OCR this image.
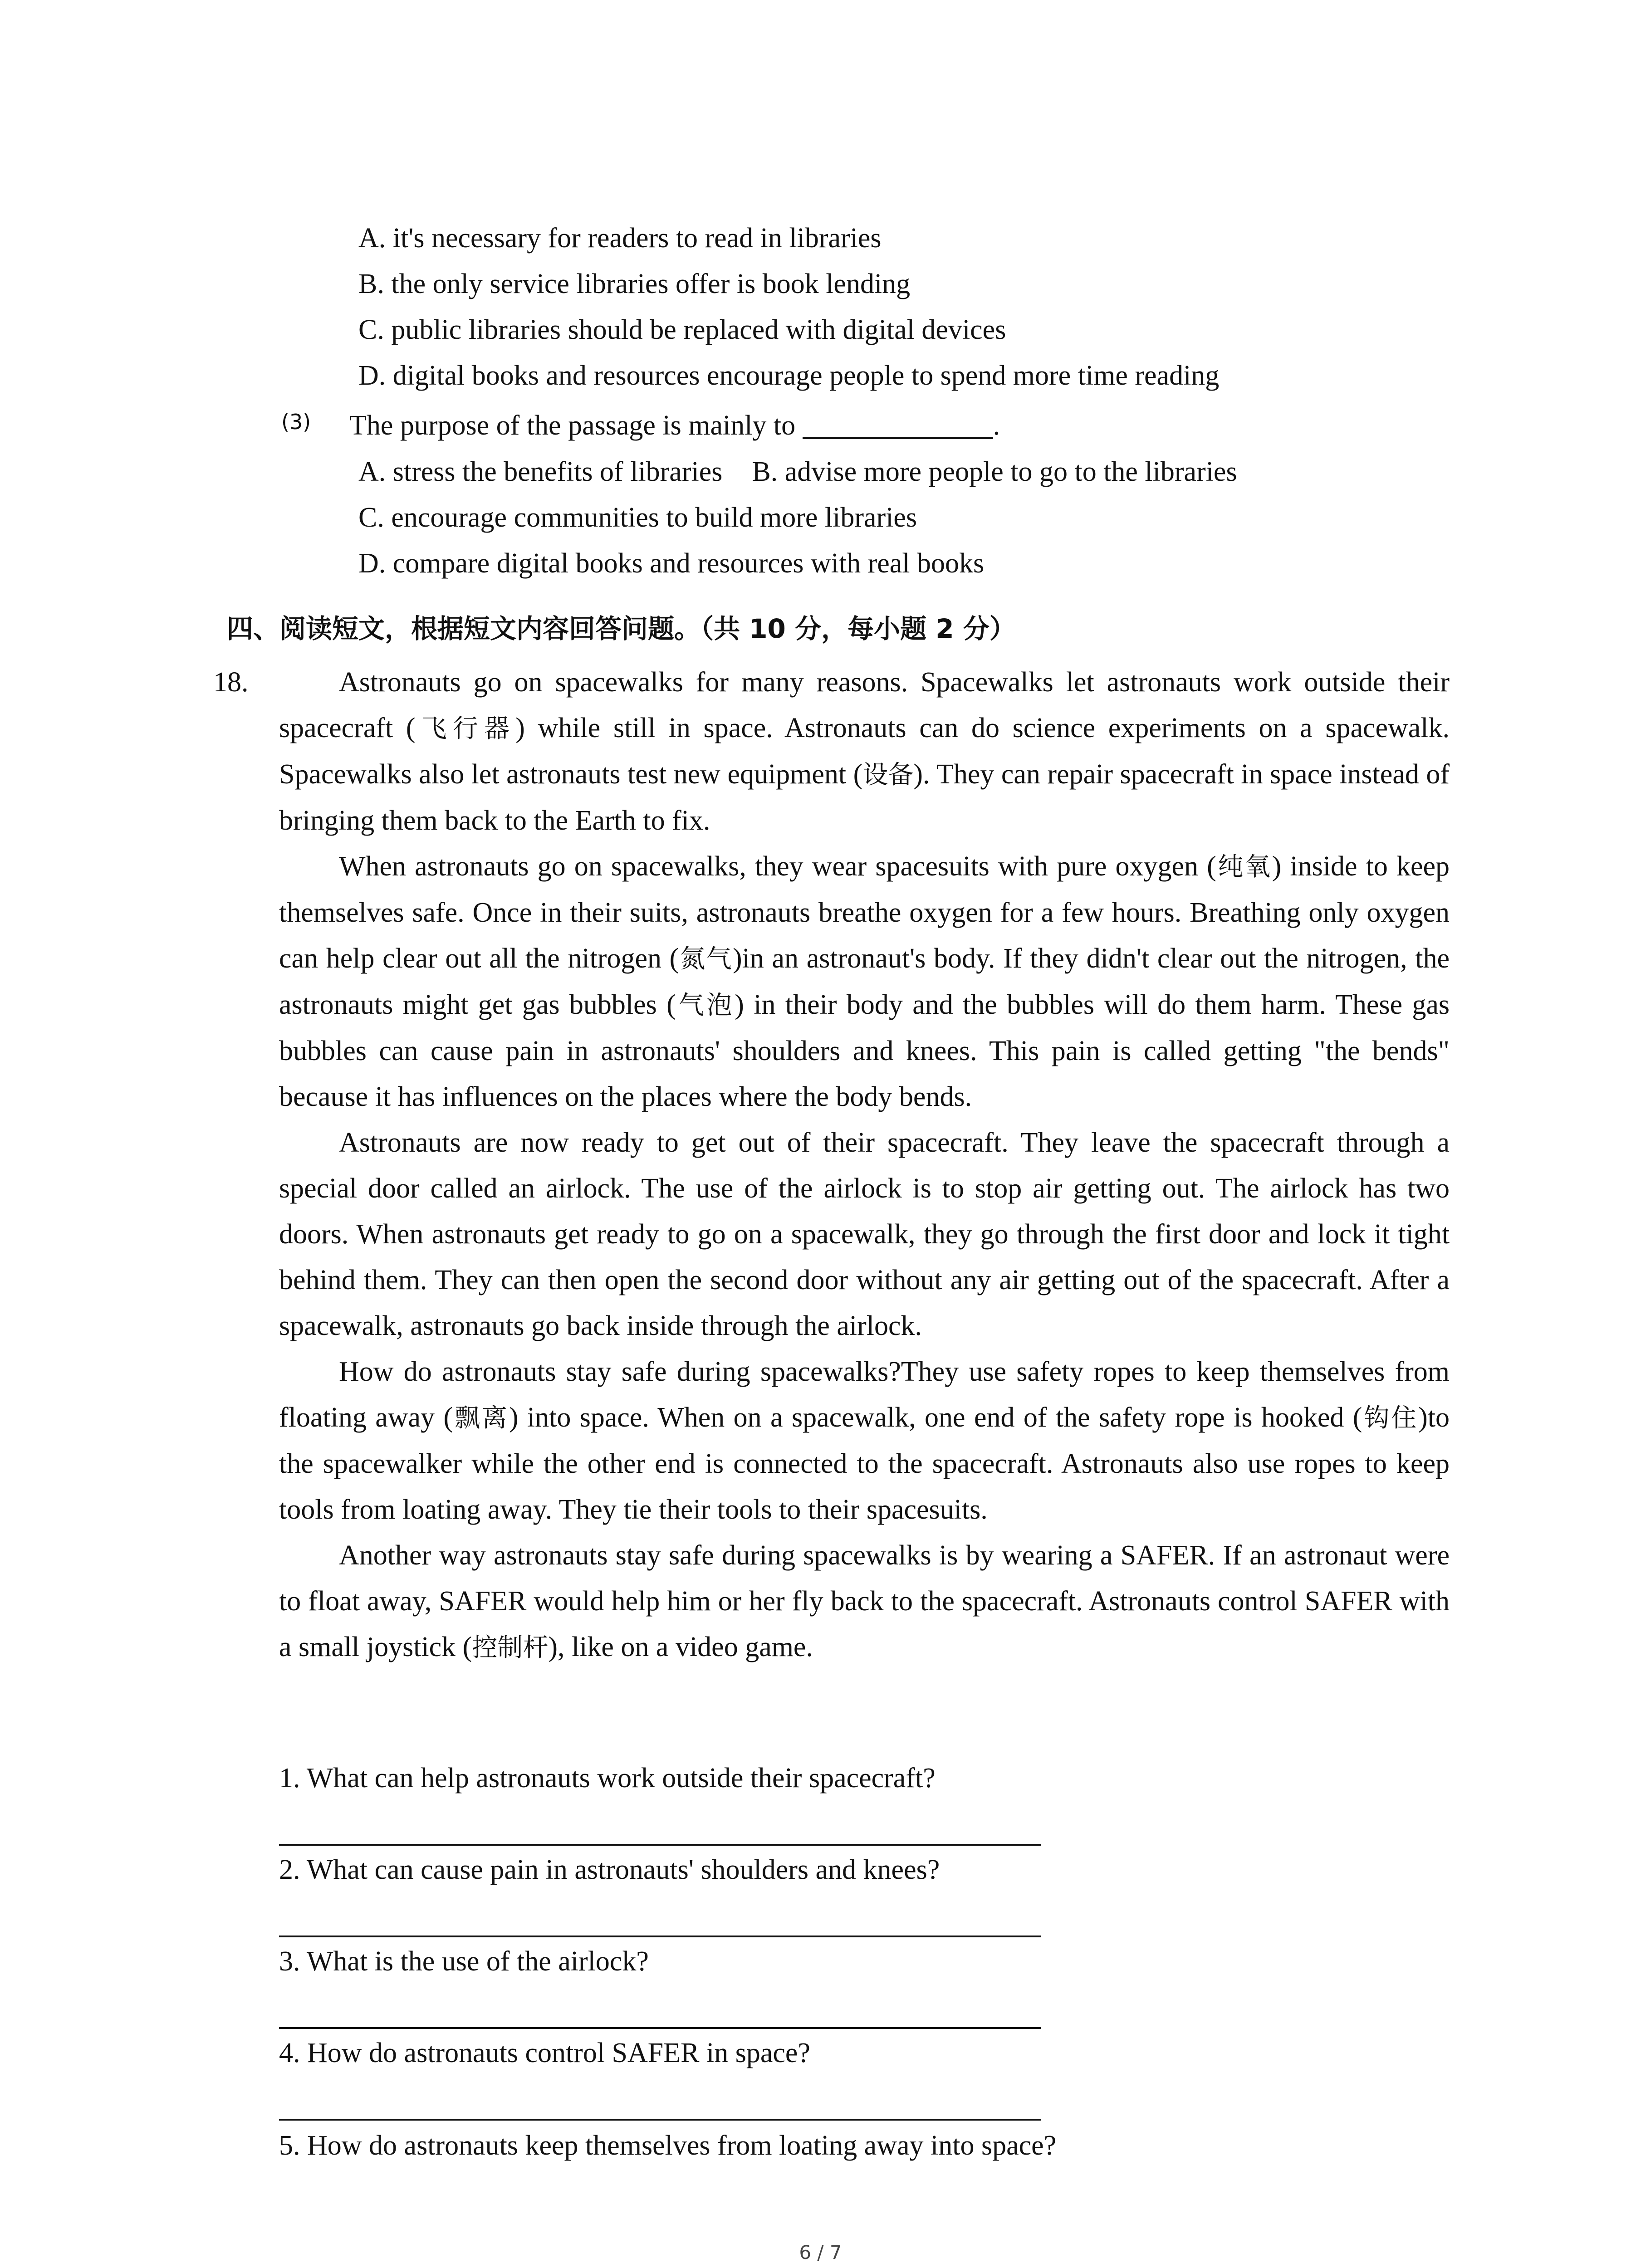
A. it's necessary for readers to read in libraries
B. the only service libraries offer is book lending
C. public libraries should be replaced with digital devices
D. digital books and resources encourage people to spend more time reading
(3) The purpose of the passage is mainly to	.
A. stress the benefits of libraries B. advise more people to go to the libraries
C. encourage communities to build more libraries
D. compare digital books and resources with real books
四、阅读短文，根据短文内容回答问题。（共 10 分，每小题 2 分）
18.	Astronauts go on spacewalks for many reasons. Spacewalks let astronauts work outside their spacecraft (飞行器) while still in space. Astronauts can do science experiments on a spacewalk. Spacewalks also let astronauts test new equipment (设备). They can repair spacecraft in space instead of bringing them back to the Earth to fix.

When astronauts go on spacewalks, they wear spacesuits with pure oxygen (纯氧) inside to keep themselves safe. Once in their suits, astronauts breathe oxygen for a few hours. Breathing only oxygen can help clear out all the nitrogen (氮气)in an astronaut's body. If they didn't clear out the nitrogen, the astronauts might get gas bubbles (气泡) in their body and the bubbles will do them harm. These gas bubbles can cause pain in astronauts' shoulders and knees. This pain is called getting "the bends" because it has influences on the places where the body bends.

Astronauts are now ready to get out of their spacecraft. They leave the spacecraft through a special door called an airlock. The use of the airlock is to stop air getting out. The airlock has two doors. When astronauts get ready to go on a spacewalk, they go through the first door and lock it tight behind them. They can then open the second door without any air getting out of the spacecraft. After a spacewalk, astronauts go back inside through the airlock.

How do astronauts stay safe during spacewalks?They use safety ropes to keep themselves from floating away (飘离) into space. When on a spacewalk, one end of the safety rope is hooked (钩住)to the spacewalker while the other end is connected to the spacecraft. Astronauts also use ropes to keep tools from loating away. They tie their tools to their spacesuits.

Another way astronauts stay safe during spacewalks is by wearing a SAFER. If an astronaut were to float away, SAFER would help him or her fly back to the spacecraft. Astronauts control SAFER with a small joystick (控制杆), like on a video game.

1. What can help astronauts work outside their spacecraft?
2. What can cause pain in astronauts' shoulders and knees?
3. What is the use of the airlock?
4. How do astronauts control SAFER in space?
5. How do astronauts keep themselves from loating away into space?
6 / 7
